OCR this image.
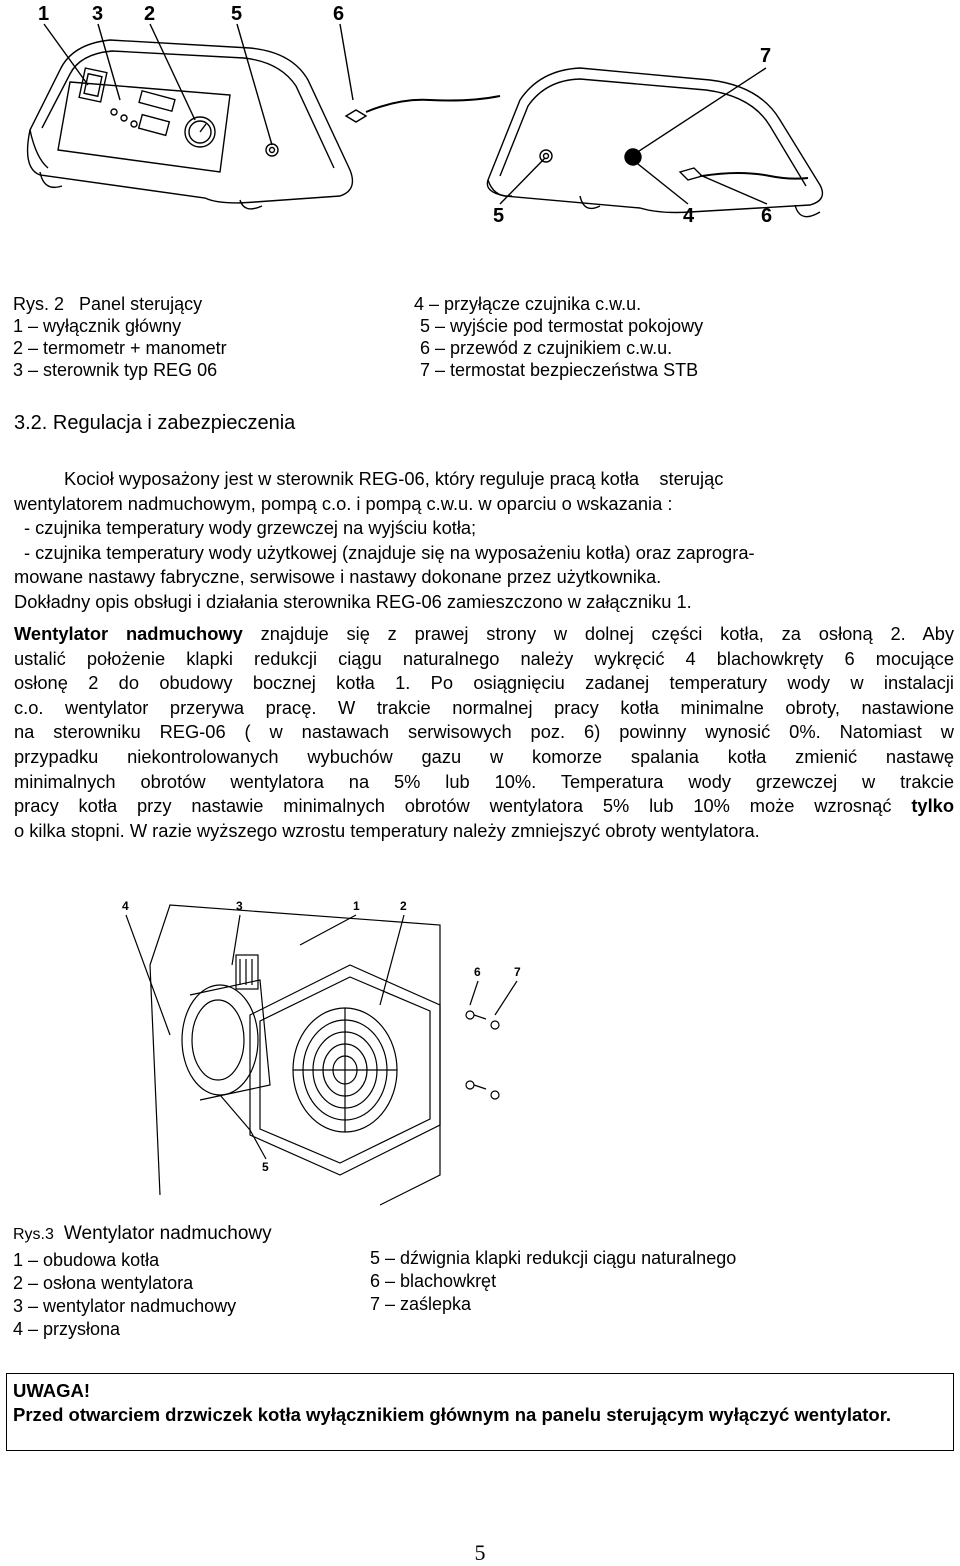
1 3 2	5	6
7
5	4	6
Rys. 2 Panel sterujący
1 – wyłącznik główny
2 – termometr + manometr
3 – sterownik typ REG 06
4 – przyłącze czujnika c.w.u.
5 – wyjście pod termostat pokojowy
6 – przewód z czujnikiem c.w.u.
7 – termostat bezpieczeństwa STB
3.2. Regulacja i zabezpieczenia

Kocioł wyposażony jest w sterownik REG-06, który reguluje pracą kotła    sterując

wentylatorem nadmuchowym, pompą c.o. i pompą c.w.u. w oparciu o wskazania :

- czujnika temperatury wody grzewczej na wyjściu kotła;

- czujnika temperatury wody użytkowej (znajduje się na wyposażeniu kotła) oraz zaprogra-

mowane nastawy fabryczne, serwisowe i nastawy dokonane przez użytkownika.

Dokładny opis obsługi i działania sterownika REG-06 zamieszczono w załączniku 1.

Wentylator nadmuchowy znajduje się z prawej strony w dolnej części kotła, za osłoną 2. Aby

ustalić położenie klapki redukcji ciągu naturalnego należy wykręcić 4 blachowkręty 6 mocujące

osłonę 2 do obudowy bocznej kotła 1. Po osiągnięciu zadanej temperatury wody w instalacji

c.o. wentylator przerywa pracę. W trakcie normalnej pracy kotła minimalne obroty, nastawione

na sterowniku REG-06 ( w nastawach serwisowych poz. 6) powinny wynosić 0%. Natomiast w

przypadku niekontrolowanych wybuchów gazu w komorze spalania kotła zmienić nastawę

minimalnych obrotów wentylatora na 5% lub 10%. Temperatura wody grzewczej w trakcie

pracy kotła przy nastawie minimalnych obrotów wentylatora 5% lub 10% może wzrosnąć tylko

o kilka stopni. W razie wyższego wzrostu temperatury należy zmniejszyć obroty wentylatora.

4	3	1	2
6	7
5
Rys.3 Wentylator nadmuchowy
1 – obudowa kotła
2 – osłona wentylatora
3 – wentylator nadmuchowy
4 – przysłona
5 – dźwignia klapki redukcji ciągu naturalnego
6 – blachowkręt
7 – zaślepka
UWAGA!
Przed otwarciem drzwiczek kotła wyłącznikiem głównym na panelu sterującym wyłączyć wentylator.
5
